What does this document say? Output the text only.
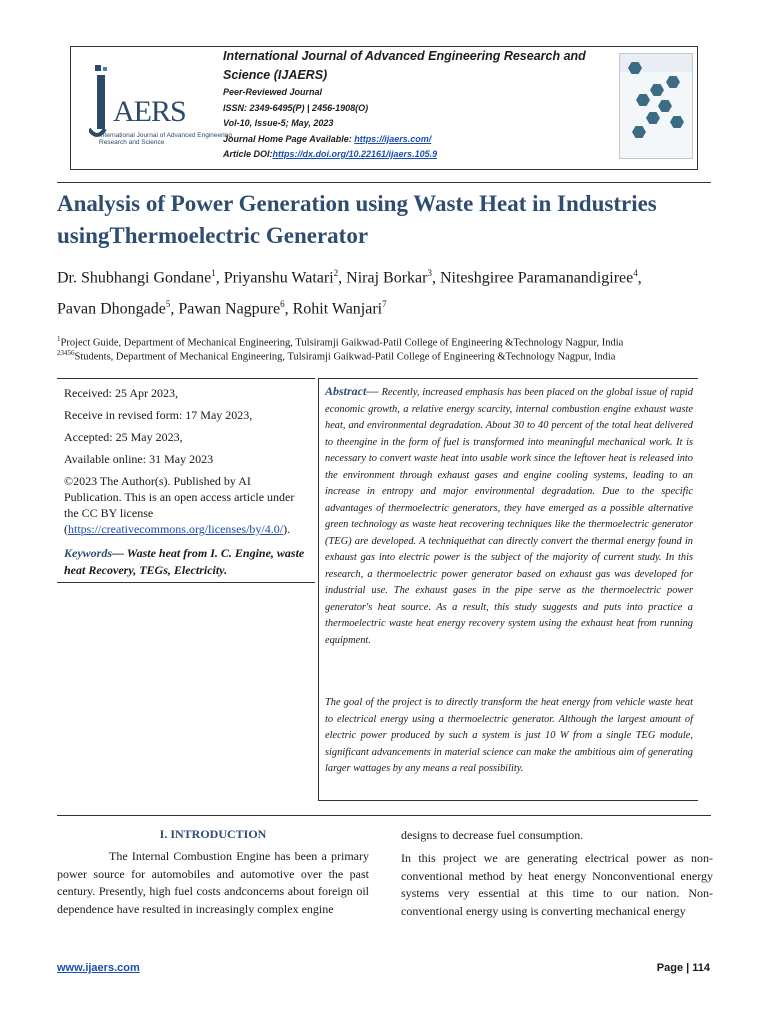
AERS
International Journal of Advanced Engineering Research and Science
International Journal of Advanced Engineering Research and Science (IJAERS)
Peer-Reviewed Journal
ISSN: 2349-6495(P) | 2456-1908(O)
Vol-10, Issue-5; May, 2023
Journal Home Page Available: https://ijaers.com/
Article DOI:https://dx.doi.org/10.22161/ijaers.105.9
Analysis of Power Generation using Waste Heat in Industries usingThermoelectric Generator
Dr. Shubhangi Gondane$^1$, Priyanshu Watari$^2$, Niraj Borkar$^3$, Niteshgiree Paramanandigiree$^4$,
Pavan Dhongade$^5$, Pawan Nagpure$^6$, Rohit Wanjari$^7$
$^1$Project Guide, Department of Mechanical Engineering, Tulsiramji Gaikwad-Patil College of Engineering &Technology Nagpur, India
$^{23456}$Students, Department of Mechanical Engineering, Tulsiramji Gaikwad-Patil College of Engineering &Technology Nagpur, India
Received: 25 Apr 2023,
Receive in revised form: 17 May 2023,
Accepted: 25 May 2023,
Available online: 31 May 2023
©2023 The Author(s). Published by AI
Publication. This is an open access article under
the CC BY license
(https://creativecommons.org/licenses/by/4.0/).
Keywords— Waste heat from I. C. Engine, waste
heat Recovery, TEGs, Electricity.

Abstract— Recently, increased emphasis has been placed on the global issue of rapid economic growth, a relative energy scarcity, internal combustion engine exhaust waste heat, and environmental degradation. About 30 to 40 percent of the total heat delivered to theengine in the form of fuel is transformed into meaningful mechanical work. It is necessary to convert waste heat into usable work since the leftover heat is released into the environment through exhaust gases and engine cooling systems, leading to an increase in entropy and major environmental degradation. Due to the specific advantages of thermoelectric generators, they have emerged as a possible alternative green technology as waste heat recovering techniques like the thermoelectric generator (TEG) are developed. A techniquethat can directly convert the thermal energy found in exhaust gas into electric power is the subject of the majority of current study. In this research, a thermoelectric power generator based on exhaust gas was developed for industrial use. The exhaust gases in the pipe serve as the thermoelectric power generator's heat source. As a result, this study suggests and puts into practice a thermoelectric waste heat energy recovery system using the exhaust heat from running equipment.

The goal of the project is to directly transform the heat energy from vehicle waste heat to electrical energy using a thermoelectric generator. Although the largest amount of electric power produced by such a system is just 10 W from a single TEG module, significant advancements in material science can make the ambitious aim of generating larger wattages by any means a real possibility.

I. INTRODUCTION
The Internal Combustion Engine has been a primary power source for automobiles and automotive over the past century. Presently, high fuel costs andconcerns about foreign oil dependence have resulted in increasingly complex engine
designs to decrease fuel consumption.
In this project we are generating electrical power as non-conventional method by heat energy Nonconventional energy systems very essential at this time to our nation. Non-conventional energy using is converting mechanical energy
www.ijaers.com	Page | 114
